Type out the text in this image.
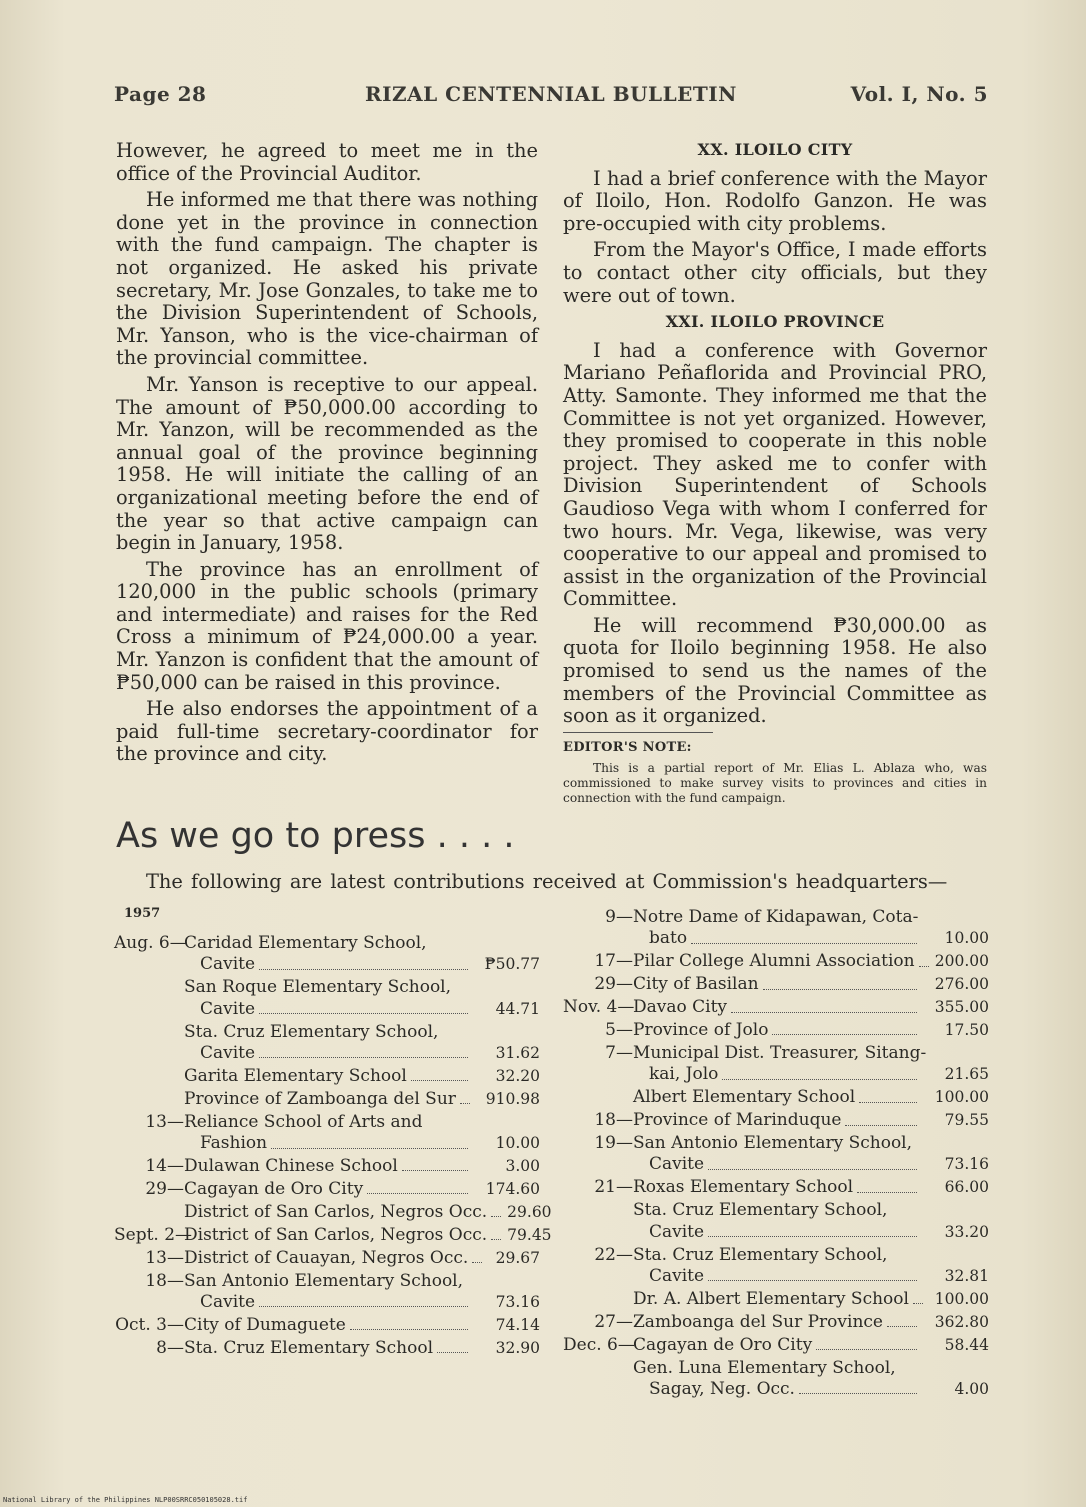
Page 28	RIZAL CENTENNIAL BULLETIN	Vol. I, No. 5

However, he agreed to meet me in the office of the Provincial Auditor.

He informed me that there was nothing done yet in the province in connection with the fund campaign. The chapter is not organized. He asked his private secretary, Mr. Jose Gonzales, to take me to the Division Superintendent of Schools, Mr. Yanson, who is the vice-chairman of the provincial committee.

Mr. Yanson is receptive to our appeal. The amount of ₱50,000.00 according to Mr. Yanzon, will be recommended as the annual goal of the province beginning 1958. He will initiate the calling of an organizational meeting before the end of the year so that active campaign can begin in January, 1958.

The province has an enrollment of 120,000 in the public schools (primary and intermediate) and raises for the Red Cross a minimum of ₱24,000.00 a year. Mr. Yanzon is confident that the amount of ₱50,000 can be raised in this province.

He also endorses the appointment of a paid full-time secretary-coordinator for the province and city.

XX. ILOILO CITY

I had a brief conference with the Mayor of Iloilo, Hon. Rodolfo Ganzon. He was pre-occupied with city problems.

From the Mayor's Office, I made efforts to contact other city officials, but they were out of town.

XXI. ILOILO PROVINCE

I had a conference with Governor Mariano Peñaflorida and Provincial PRO, Atty. Samonte. They informed me that the Committee is not yet organized. However, they promised to cooperate in this noble project. They asked me to confer with Division Superintendent of Schools Gaudioso Vega with whom I conferred for two hours. Mr. Vega, likewise, was very cooperative to our appeal and promised to assist in the organization of the Provincial Committee.

He will recommend ₱30,000.00 as quota for Iloilo beginning 1958. He also promised to send us the names of the members of the Provincial Committee as soon as it organized.

EDITOR'S NOTE:

This is a partial report of Mr. Elias L. Ablaza who, was commissioned to make survey visits to provinces and cities in connection with the fund campaign.

As we go to press . . . .
The following are latest contributions received at Commission's headquarters—
1957
Aug. 6—Caridad Elementary School,
Cavite	₱50.77
San Roque Elementary School,
Cavite	44.71
Sta. Cruz Elementary School,
Cavite	31.62
Garita Elementary School	32.20
Province of Zamboanga del Sur	910.98
13—Reliance School of Arts and
Fashion	10.00
14—Dulawan Chinese School	3.00
29—Cagayan de Oro City	174.60
District of San Carlos, Negros Occ. 29.60
Sept. 2—District of San Carlos, Negros Occ. 79.45
13—District of Cauayan, Negros Occ.	29.67
18—San Antonio Elementary School,
Cavite	73.16
Oct. 3—City of Dumaguete	74.14
8—Sta. Cruz Elementary School	32.90
9—Notre Dame of Kidapawan, Cota-
bato	10.00
17—Pilar College Alumni Association 200.00
29—City of Basilan	276.00
Nov. 4—Davao City	355.00
5—Province of Jolo	17.50
7—Municipal Dist. Treasurer, Sitang-
kai, Jolo	21.65
Albert Elementary School	100.00
18—Province of Marinduque	79.55
19—San Antonio Elementary School,
Cavite	73.16
21—Roxas Elementary School	66.00
Sta. Cruz Elementary School,
Cavite	33.20
22—Sta. Cruz Elementary School,
Cavite	32.81
Dr. A. Albert Elementary School	100.00
27—Zamboanga del Sur Province	362.80
Dec. 6—Cagayan de Oro City	58.44
Gen. Luna Elementary School,
Sagay, Neg. Occ.	4.00
National Library of the Philippines NLP00SRRC050105028.tif
